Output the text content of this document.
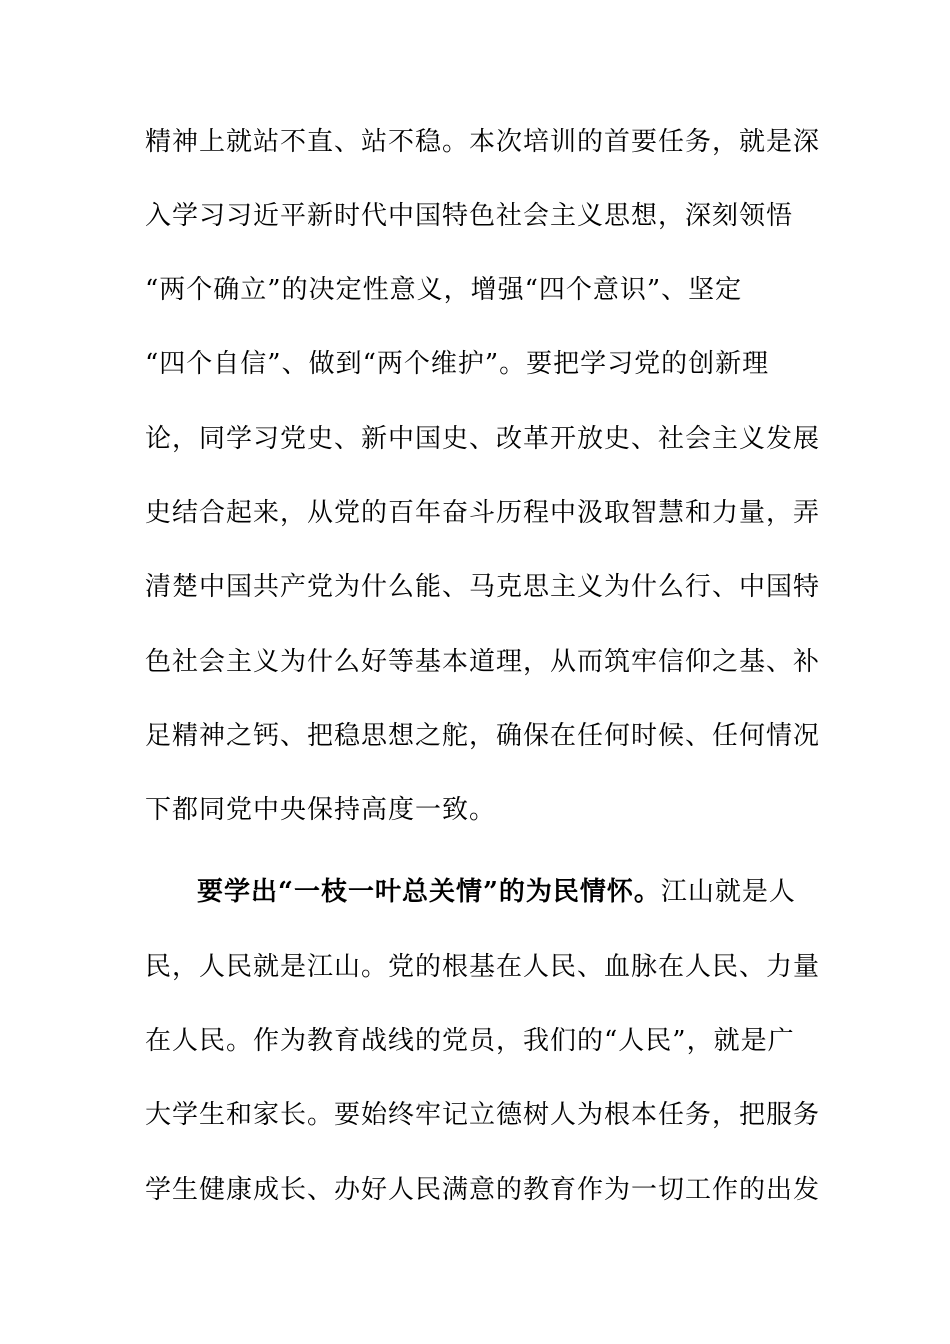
精神上就站不直、站不稳。本次培训的首要任务，就是深
入学习习近平新时代中国特色社会主义思想，深刻领悟
“两个确立”的决定性意义，增强“四个意识”、坚定
“四个自信”、做到“两个维护”。要把学习党的创新理
论，同学习党史、新中国史、改革开放史、社会主义发展
史结合起来，从党的百年奋斗历程中汲取智慧和力量，弄
清楚中国共产党为什么能、马克思主义为什么行、中国特
色社会主义为什么好等基本道理，从而筑牢信仰之基、补
足精神之钙、把稳思想之舵，确保在任何时候、任何情况
下都同党中央保持高度一致。
要学出“一枝一叶总关情”的为民情怀。江山就是人
民，人民就是江山。党的根基在人民、血脉在人民、力量
在人民。作为教育战线的党员，我们的“人民”，就是广
大学生和家长。要始终牢记立德树人为根本任务，把服务
学生健康成长、办好人民满意的教育作为一切工作的出发
